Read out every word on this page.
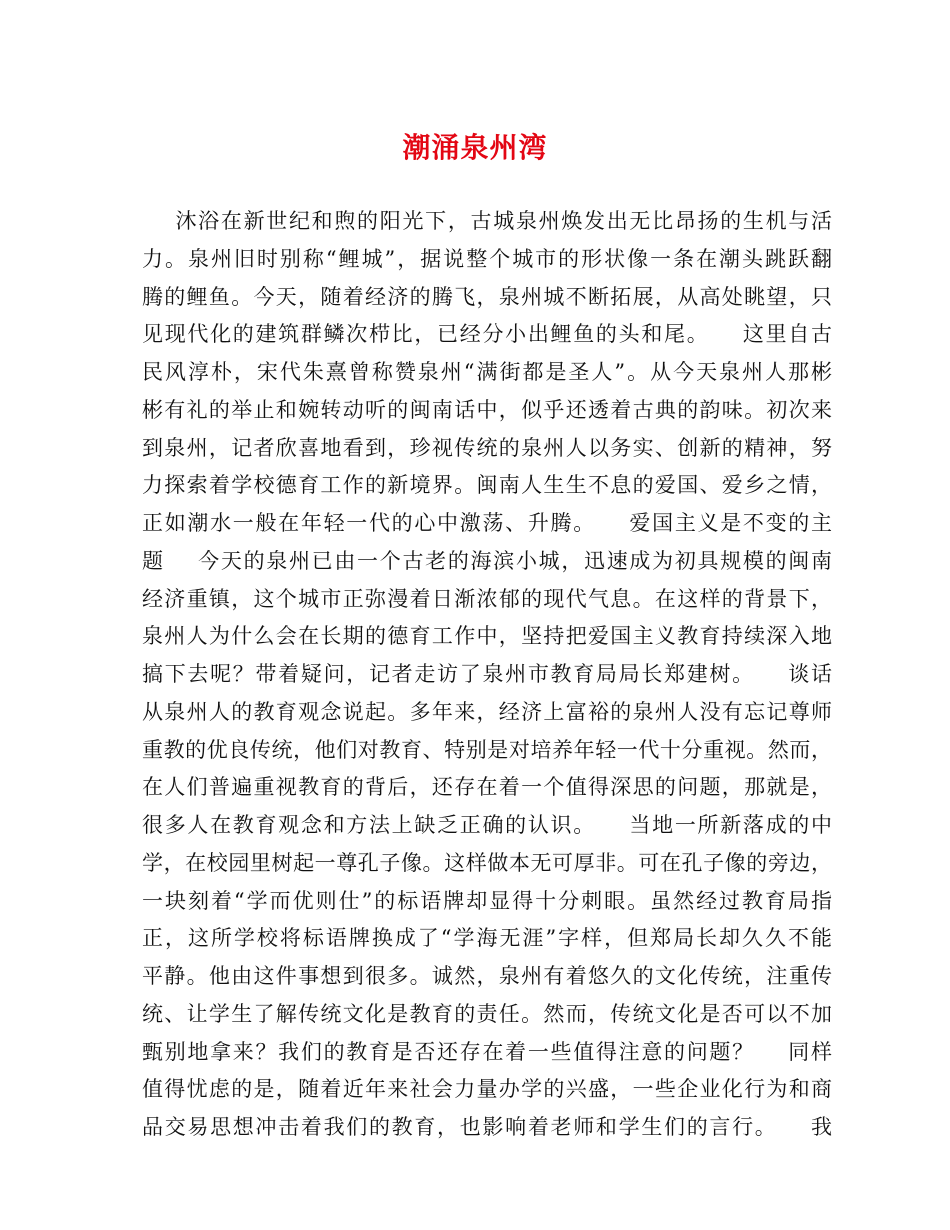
潮涌泉州湾
沐浴在新世纪和煦的阳光下，古城泉州焕发出无比昂扬的生机与活
力。泉州旧时别称“鲤城”，据说整个城市的形状像一条在潮头跳跃翻
腾的鲤鱼。今天，随着经济的腾飞，泉州城不断拓展，从高处眺望，只
见现代化的建筑群鳞次栉比，已经分小出鲤鱼的头和尾。    这里自古
民风淳朴，宋代朱熹曾称赞泉州“满街都是圣人”。从今天泉州人那彬
彬有礼的举止和婉转动听的闽南话中，似乎还透着古典的韵味。初次来
到泉州，记者欣喜地看到，珍视传统的泉州人以务实、创新的精神，努
力探索着学校德育工作的新境界。闽南人生生不息的爱国、爱乡之情，
正如潮水一般在年轻一代的心中激荡、升腾。    爱国主义是不变的主
题    今天的泉州已由一个古老的海滨小城，迅速成为初具规模的闽南
经济重镇，这个城市正弥漫着日渐浓郁的现代气息。在这样的背景下，
泉州人为什么会在长期的德育工作中，坚持把爱国主义教育持续深入地
搞下去呢？带着疑问，记者走访了泉州市教育局局长郑建树。    谈话
从泉州人的教育观念说起。多年来，经济上富裕的泉州人没有忘记尊师
重教的优良传统，他们对教育、特别是对培养年轻一代十分重视。然而，
在人们普遍重视教育的背后，还存在着一个值得深思的问题，那就是，
很多人在教育观念和方法上缺乏正确的认识。    当地一所新落成的中
学，在校园里树起一尊孔子像。这样做本无可厚非。可在孔子像的旁边，
一块刻着“学而优则仕”的标语牌却显得十分刺眼。虽然经过教育局指
正，这所学校将标语牌换成了“学海无涯”字样，但郑局长却久久不能
平静。他由这件事想到很多。诚然，泉州有着悠久的文化传统，注重传
统、让学生了解传统文化是教育的责任。然而，传统文化是否可以不加
甄别地拿来？我们的教育是否还存在着一些值得注意的问题？    同样
值得忧虑的是，随着近年来社会力量办学的兴盛，一些企业化行为和商
品交易思想冲击着我们的教育，也影响着老师和学生们的言行。    我
